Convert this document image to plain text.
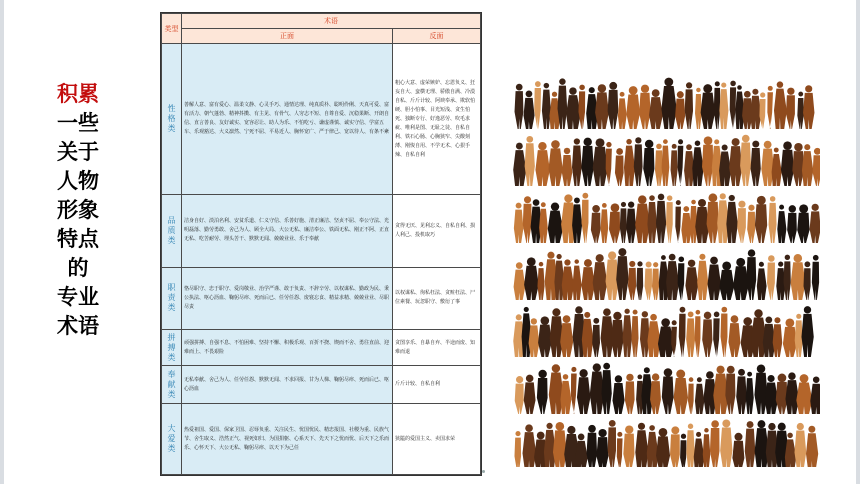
积累
一些
关于
人物
形象
特点
的
专业
术语
类型	术语	
	正面	反面
性格类	善解人意、富有爱心、温柔文静、心灵手巧、通情达理、纯真质朴、聪明伶俐、天真可爱、富有活力、朝气蓬勃、精神抖擞、有主见、有骨气、人穷志不短、自尊自爱、沉稳果断、开朗自信、直言善良、友好诚实、宽容忍让、助人为乐、不怕吃亏、谦虚谨慎、诚实守信、学富五车、乐观豁达、大义凛然、宁死不屈、平易近人、胸怀宽广、严于律己、宽以待人、有条不紊	粗心大意、虚荣嫉妒、忘恩负义、狂妄自大、蛮横无理、骄傲自满、冷漠自私、斤斤计较、阿谀奉承、欺软怕硬、胆小怕事、目光短浅、贪生怕死、独断专行、好逸恶劳、吹毛求疵、唯利是图、无耻之徒、自私自利、铁石心肠、心胸狭窄、尖酸刻薄、刚愎自用、不学无术、心狠手辣、自私自利
品质类	洁身自好、淡泊名利、安贫乐道、仁义守信、乐善好施、清正廉洁、坚贞不屈、奉公守法、光明磊落、勤劳勇敢、舍己为人、顾全大局、大公无私、廉洁奉公、铁面无私、刚正不阿、正直无私、吃苦耐劳、埋头苦干、默默无闻、兢兢业业、乐于奉献	贪得无厌、见利忘义、自私自利、损人利己、投机取巧
职责类	恪尽职守、忠于职守、爱岗敬业、治学严谨、敢于负责、不辞辛劳、以权谋私、勤政为民、秉公执法、呕心沥血、鞠躬尽瘁、死而后已、任劳任怨、废寝忘食、精益求精、兢兢业业、尽职尽责	以权谋私、徇私枉法、贪赃枉法、尸位素餐、玩忽职守、敷衍了事
拼搏类	顽强拼搏、自强不息、不怕困难、坚持不懈、积极乐观、百折不挠、锲而不舍、勇往直前、迎难而上、不畏艰险	贪图享乐、自暴自弃、半途而废、知难而退
奉献类	无私奉献、舍己为人、任劳任怨、默默无闻、不求回报、甘为人梯、鞠躬尽瘁、死而后已、呕心沥血	斤斤计较、自私自利
大爱类	热爱祖国、爱国、保家卫国、忍辱负重、关注民生、忧国忧民、精忠报国、社稷为重、民族气节、舍生取义、浩然正气、视死如归、为国捐躯、心系天下、先天下之忧而忧、后天下之乐而乐、心怀天下、大公无私、鞠躬尽瘁、以天下为己任	狭隘的爱国主义、卖国求荣
